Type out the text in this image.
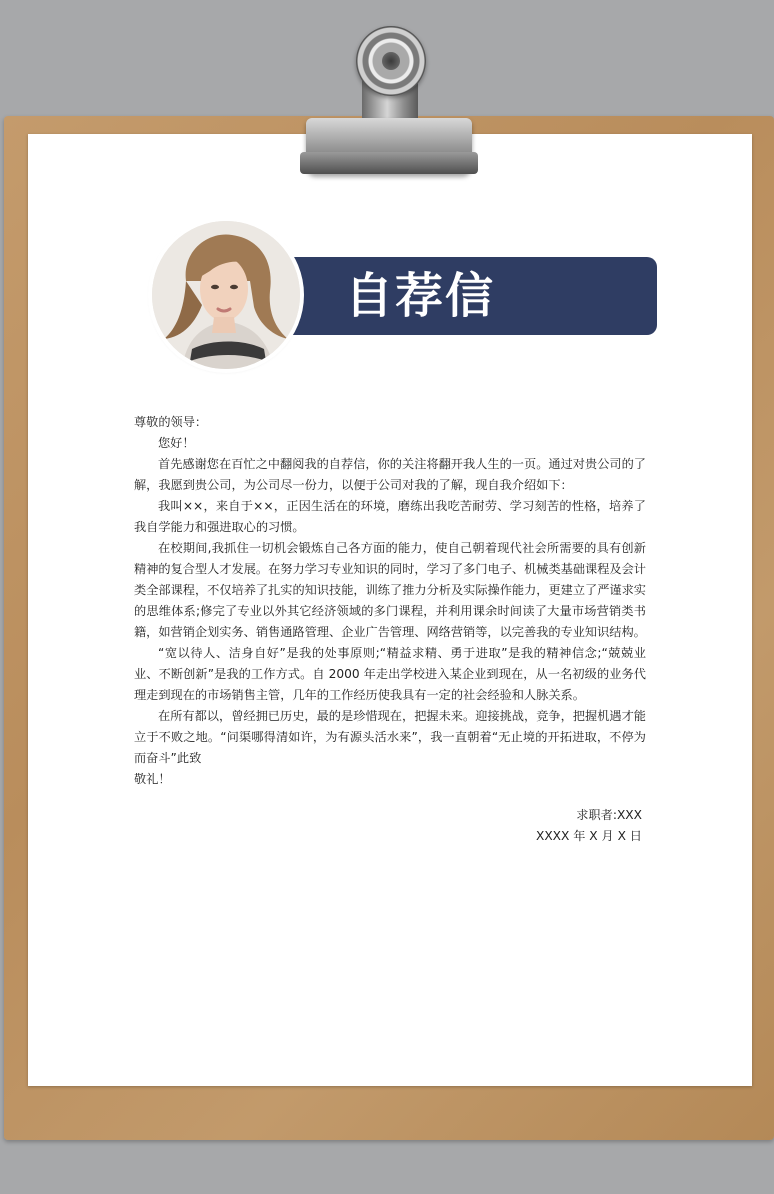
自荐信

尊敬的领导：

您好！

首先感谢您在百忙之中翻阅我的自荐信，你的关注将翻开我人生的一页。通过对贵公司的了解，我愿到贵公司，为公司尽一份力，以便于公司对我的了解，现自我介绍如下：

我叫××，来自于××，正因生活在的环境，磨练出我吃苦耐劳、学习刻苦的性格，培养了我自学能力和强进取心的习惯。

在校期间,我抓住一切机会锻炼自己各方面的能力，使自己朝着现代社会所需要的具有创新精神的复合型人才发展。在努力学习专业知识的同时，学习了多门电子、机械类基础课程及会计类全部课程，不仅培养了扎实的知识技能，训练了推力分析及实际操作能力，更建立了严谨求实的思维体系;修完了专业以外其它经济领域的多门课程，并利用课余时间读了大量市场营销类书籍，如营销企划实务、销售通路管理、企业广告管理、网络营销等，以完善我的专业知识结构。

“宽以待人、洁身自好”是我的处事原则;“精益求精、勇于进取”是我的精神信念;“兢兢业业、不断创新”是我的工作方式。自 2000 年走出学校进入某企业到现在，从一名初级的业务代理走到现在的市场销售主管，几年的工作经历使我具有一定的社会经验和人脉关系。

在所有都以，曾经拥已历史，最的是珍惜现在，把握未来。迎接挑战，竞争，把握机遇才能立于不败之地。“问渠哪得清如许，为有源头活水来”，我一直朝着“无止境的开拓进取，不停为而奋斗”此致

敬礼！

求职者:XXX
XXXX 年 X 月 X 日
